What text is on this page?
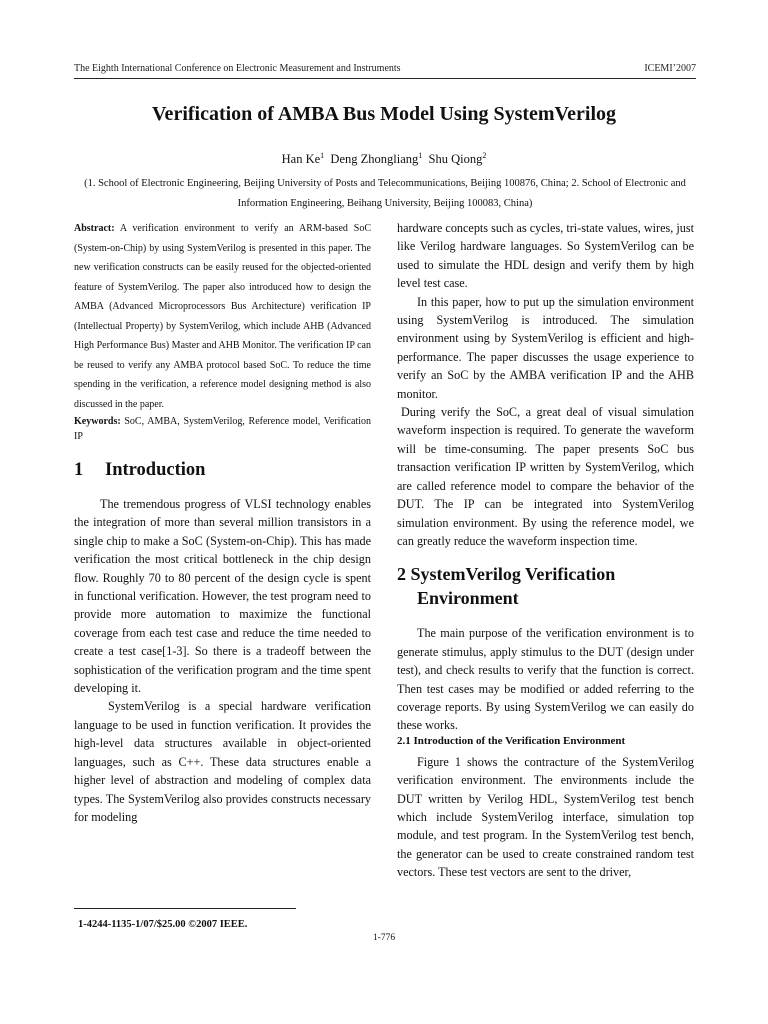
The Eighth International Conference on Electronic Measurement and Instruments	ICEMI’2007
Verification of AMBA Bus Model Using SystemVerilog
Han Ke$^1$ Deng Zhongliang$^1$ Shu Qiong$^2$
(1. School of Electronic Engineering, Beijing University of Posts and Telecommunications, Beijing 100876, China; 2. School of Electronic and Information Engineering, Beihang University, Beijing 100083, China)

Abstract: A verification environment to verify an ARM-based SoC (System-on-Chip) by using SystemVerilog is presented in this paper. The new verification constructs can be easily reused for the objected-oriented feature of SystemVerilog. The paper also introduced how to design the AMBA (Advanced Microprocessors Bus Architecture) verification IP (Intellectual Property) by SystemVerilog, which include AHB (Advanced High Performance Bus) Master and AHB Monitor. The verification IP can be reused to verify any AMBA protocol based SoC. To reduce the time spending in the verification, a reference model designing method is also discussed in the paper.

Keywords: SoC, AMBA, SystemVerilog, Reference model, Verification IP

1 Introduction

The tremendous progress of VLSI technology enables the integration of more than several million transistors in a single chip to make a SoC (System-on-Chip). This has made verification the most critical bottleneck in the chip design flow. Roughly 70 to 80 percent of the design cycle is spent in functional verification. However, the test program need to provide more automation to maximize the functional coverage from each test case and reduce the time needed to create a test case[1-3]. So there is a tradeoff between the sophistication of the verification program and the time spent developing it.

SystemVerilog is a special hardware verification language to be used in function verification. It provides the high-level data structures available in object-oriented languages, such as C++. These data structures enable a higher level of abstraction and modeling of complex data types. The SystemVerilog also provides constructs necessary for modeling

hardware concepts such as cycles, tri-state values, wires, just like Verilog hardware languages. So SystemVerilog can be used to simulate the HDL design and verify them by high level test case.

In this paper, how to put up the simulation environment using SystemVerilog is introduced. The simulation environment using by SystemVerilog is efficient and high-performance. The paper discusses the usage experience to verify an SoC by the AMBA verification IP and the AHB monitor.

During verify the SoC, a great deal of visual simulation waveform inspection is required. To generate the waveform will be time-consuming. The paper presents SoC bus transaction verification IP written by SystemVerilog, which are called reference model to compare the behavior of the DUT. The IP can be integrated into SystemVerilog simulation environment. By using the reference model, we can greatly reduce the waveform inspection time.

2 SystemVerilog Verification Environment

The main purpose of the verification environment is to generate stimulus, apply stimulus to the DUT (design under test), and check results to verify that the function is correct. Then test cases may be modified or added referring to the coverage reports. By using SystemVerilog we can easily do these works.

2.1 Introduction of the Verification Environment

Figure 1 shows the contracture of the SystemVerilog verification environment. The environments include the DUT written by Verilog HDL, SystemVerilog test bench which include SystemVerilog interface, simulation top module, and test program. In the SystemVerilog test bench, the generator can be used to create constrained random test vectors. These test vectors are sent to the driver,

1-4244-1135-1/07/$25.00 ©2007 IEEE.
1-776
